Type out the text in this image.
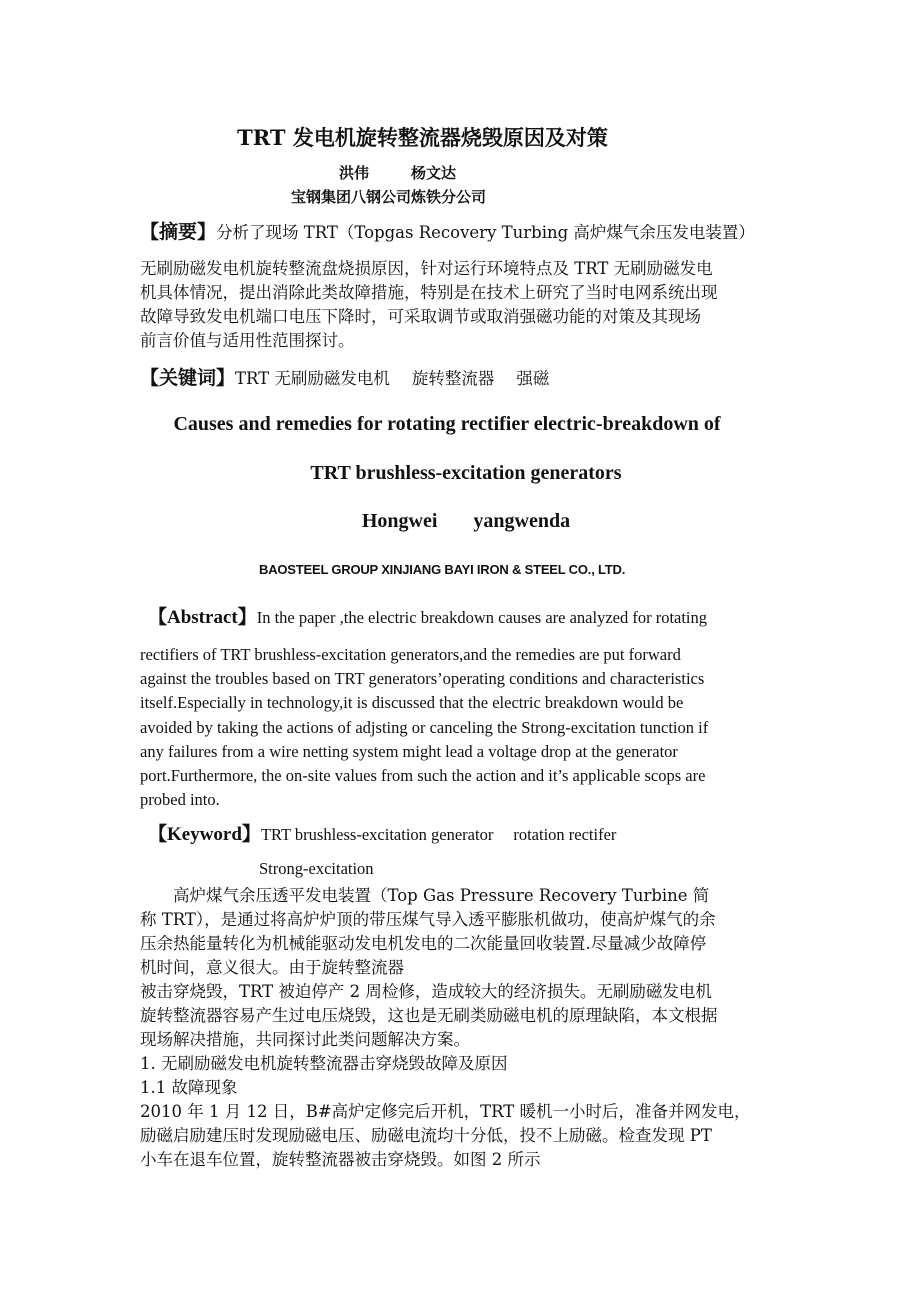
TRT 发电机旋转整流器烧毁原因及对策
洪伟	杨文达
宝钢集团八钢公司炼铁分公司
【摘要】分析了现场 TRT（Topgas Recovery Turbing 高炉煤气余压发电装置）

无刷励磁发电机旋转整流盘烧损原因，针对运行环境特点及 TRT 无刷励磁发电

机具体情况，提出消除此类故障措施，特别是在技术上研究了当时电网系统出现

故障导致发电机端口电压下降时，可采取调节或取消强磁功能的对策及其现场

前言价值与适用性范围探讨。

【关键词】TRT 无刷励磁发电机 旋转整流器 强磁
Causes and remedies for rotating rectifier electric-breakdown of
TRT brushless-excitation generators
Hongwei yangwenda
BAOSTEEL GROUP XINJIANG BAYI IRON & STEEL CO., LTD.
【Abstract】In the paper ,the electric breakdown causes are analyzed for rotating

rectifiers of TRT brushless-excitation generators,and the remedies are put forward

against the troubles based on TRT generators’operating conditions and characteristics

itself.Especially in technology,it is discussed that the electric breakdown would be

avoided by taking the actions of adjsting or canceling the Strong-excitation tunction if

any failures from a wire netting system might lead a voltage drop at the generator

port.Furthermore, the on-site values from such the action and it’s applicable scops are

probed into.

【Keyword】TRT brushless-excitation generator rotation rectifer
Strong-excitation

高炉煤气余压透平发电装置（Top Gas Pressure Recovery Turbine 简

称 TRT），是通过将高炉炉顶的带压煤气导入透平膨胀机做功，使高炉煤气的余

压余热能量转化为机械能驱动发电机发电的二次能量回收装置.尽量减少故障停

机时间，意义很大。由于旋转整流器

被击穿烧毁，TRT 被迫停产 2 周检修，造成较大的经济损失。无刷励磁发电机

旋转整流器容易产生过电压烧毁，这也是无刷类励磁电机的原理缺陷，本文根据

现场解决措施，共同探讨此类问题解决方案。

1. 无刷励磁发电机旋转整流器击穿烧毁故障及原因

1.1 故障现象

2010 年 1 月 12 日，B#高炉定修完后开机，TRT 暖机一小时后，准备并网发电，

励磁启励建压时发现励磁电压、励磁电流均十分低，投不上励磁。检查发现 PT

小车在退车位置，旋转整流器被击穿烧毁。如图 2 所示
